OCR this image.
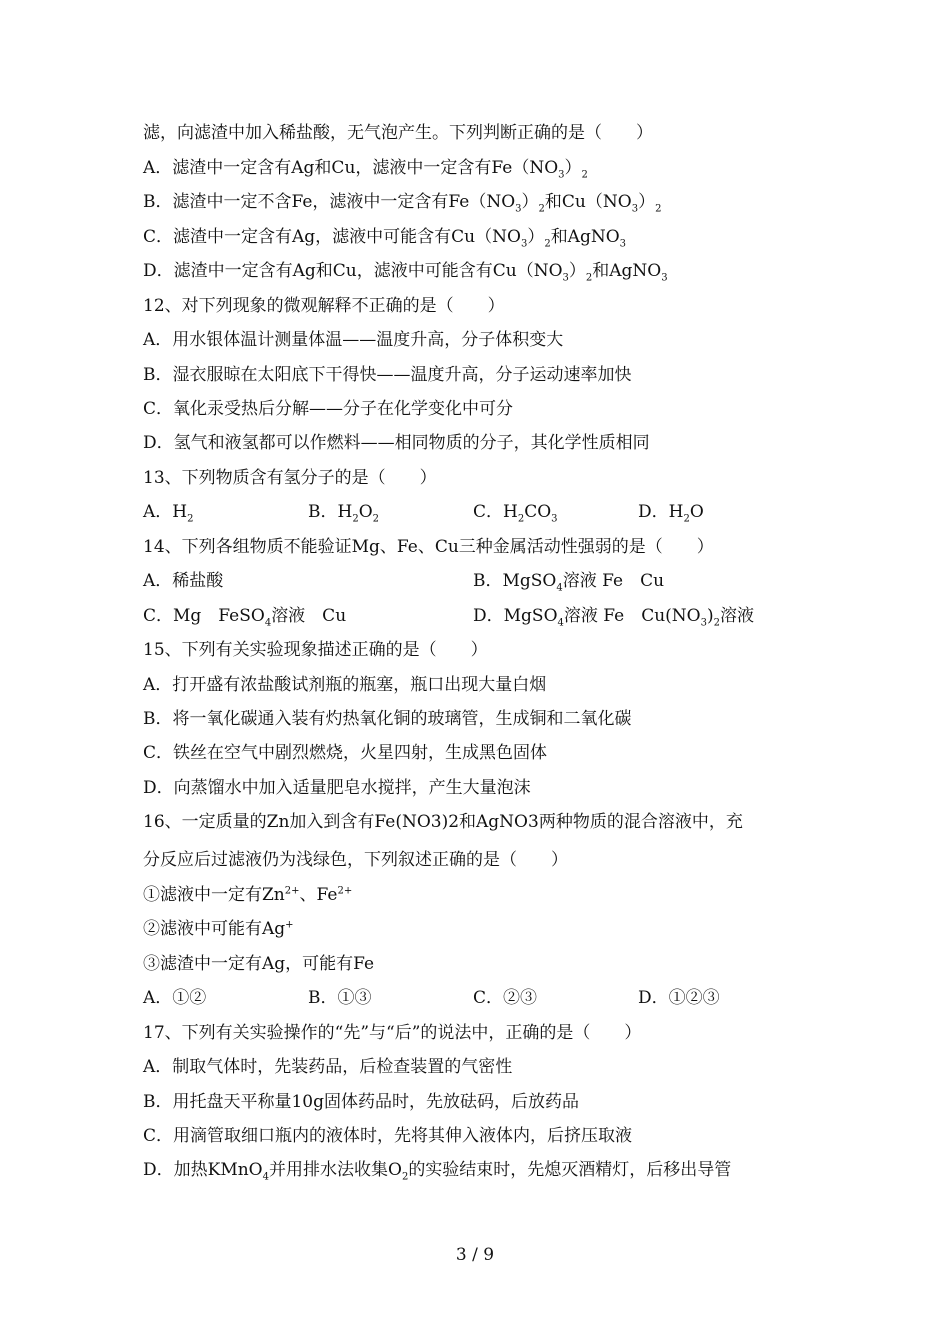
滤，向滤渣中加入稀盐酸，无气泡产生。下列判断正确的是（　　）
A．滤渣中一定含有Ag和Cu，滤液中一定含有$Fe(NO_3)_2$
B．滤渣中一定不含Fe，滤液中一定含有$Fe(NO_3)_2$和$Cu(NO_3)_2$
C．滤渣中一定含有Ag，滤液中可能含有$Cu(NO_3)_2$和AgNO$_3$
D．滤渣中一定含有Ag和Cu，滤液中可能含有$Cu(NO_3)_2$和AgNO$_3$
12、对下列现象的微观解释不正确的是（　　）
A．用水银体温计测量体温——温度升高，分子体积变大
B．湿衣服晾在太阳底下干得快——温度升高，分子运动速率加快
C．氧化汞受热后分解——分子在化学变化中可分
D．氢气和液氢都可以作燃料——相同物质的分子，其化学性质相同
13、下列物质含有氢分子的是（　　）
A．$H_2$	B．$H_2O_2$	C．$H_2CO_3$	D．$H_2O$
14、下列各组物质不能验证Mg、Fe、Cu三种金属活动性强弱的是（　　）
A．稀盐酸	B．MgSO$_4$溶液 Fe　Cu
C．Mg　FeSO$_4$溶液　Cu	D．MgSO$_4$溶液 Fe　$Cu(NO_3)_2$溶液
15、下列有关实验现象描述正确的是（　　）
A．打开盛有浓盐酸试剂瓶的瓶塞，瓶口出现大量白烟
B．将一氧化碳通入装有灼热氧化铜的玻璃管，生成铜和二氧化碳
C．铁丝在空气中剧烈燃烧，火星四射，生成黑色固体
D．向蒸馏水中加入适量肥皂水搅拌，产生大量泡沫
16、一定质量的Zn加入到含有Fe(NO3)2和AgNO3两种物质的混合溶液中，充
分反应后过滤液仍为浅绿色，下列叙述正确的是（　　）
①滤液中一定有$Zn^{2+}$、$Fe^{2+}$
②滤液中可能有Ag+
③滤渣中一定有Ag，可能有Fe
A．①②	B．①③	C．②③	D．①②③
17、下列有关实验操作的“先”与“后”的说法中，正确的是（　　）
A．制取气体时，先装药品，后检查装置的气密性
B．用托盘天平称量10g固体药品时，先放砝码，后放药品
C．用滴管取细口瓶内的液体时，先将其伸入液体内，后挤压取液
D．加热KMnO$_4$并用排水法收集$O_2$的实验结束时，先熄灭酒精灯，后移出导管
3 / 9
